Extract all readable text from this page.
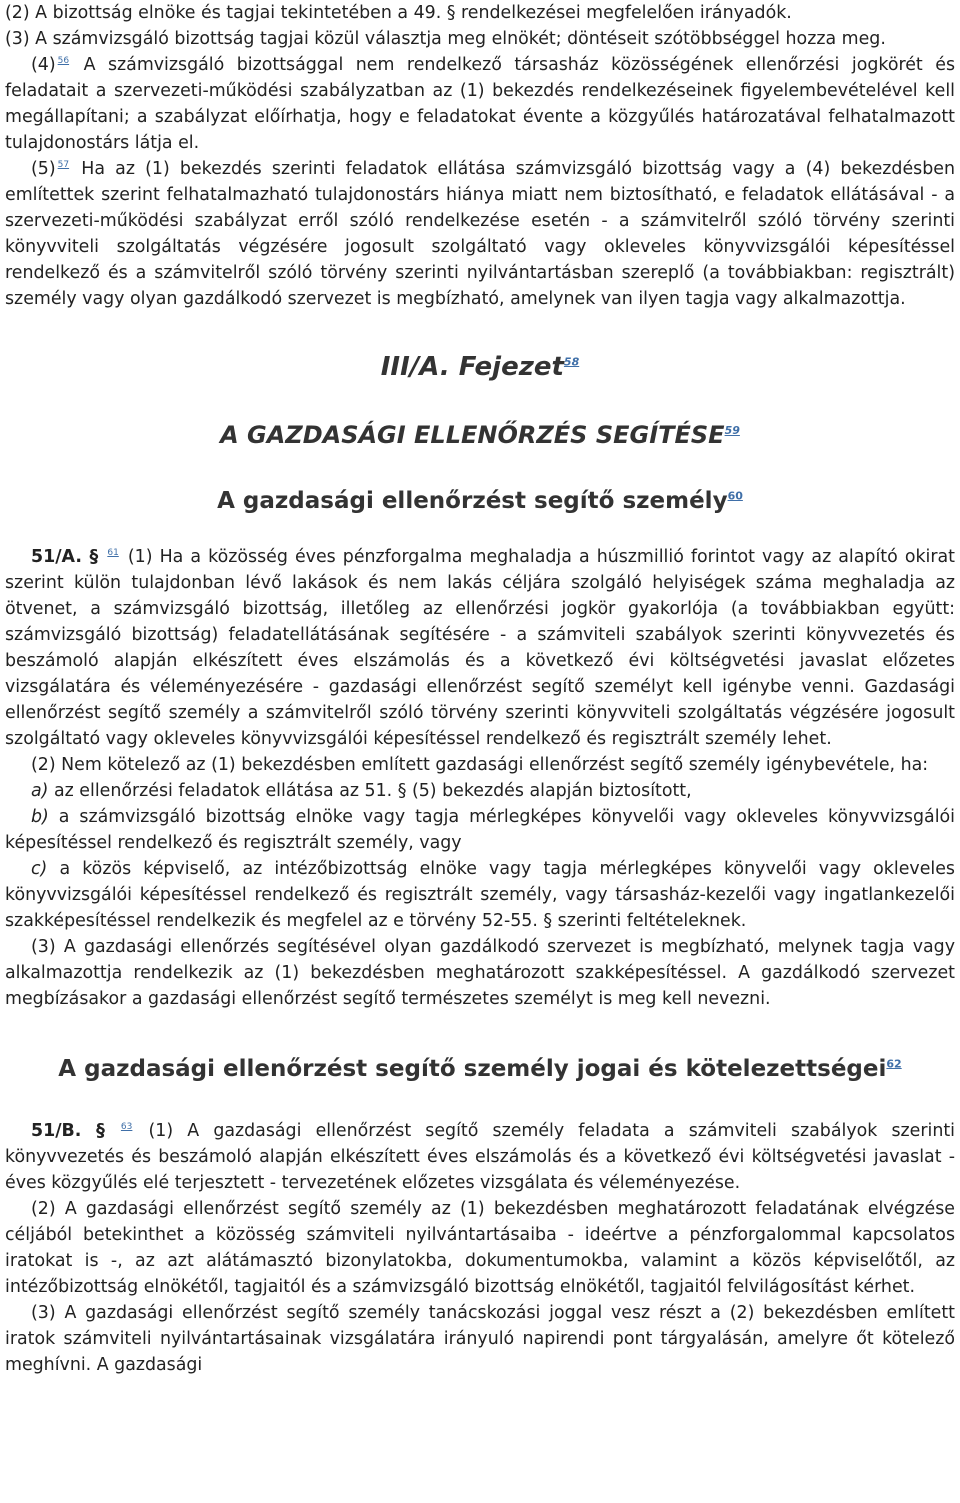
(2) A bizottság elnöke és tagjai tekintetében a 49. § rendelkezései megfelelően irányadók.

(3) A számvizsgáló bizottság tagjai közül választja meg elnökét; döntéseit szótöbbséggel hozza meg.

(4) $^{56}$ A számvizsgáló bizottsággal nem rendelkező társasház közösségének ellenőrzési jogkörét és feladatait a szervezeti-működési szabályzatban az (1) bekezdés rendelkezéseinek figyelembevételével kell megállapítani; a szabályzat előírhatja, hogy e feladatokat évente a közgyűlés határozatával felhatalmazott tulajdonostárs látja el.

(5) $^{57}$ Ha az (1) bekezdés szerinti feladatok ellátása számvizsgáló bizottság vagy a (4) bekezdésben említettek szerint felhatalmazható tulajdonostárs hiánya miatt nem biztosítható, e feladatok ellátásával - a szervezeti-működési szabályzat erről szóló rendelkezése esetén - a számvitelről szóló törvény szerinti könyvviteli szolgáltatás végzésére jogosult szolgáltató vagy okleveles könyvvizsgálói képesítéssel rendelkező és a számvitelről szóló törvény szerinti nyilvántartásban szereplő (a továbbiakban: regisztrált) személy vagy olyan gazdálkodó szervezet is megbízható, amelynek van ilyen tagja vagy alkalmazottja.

III/A. Fejezet$^{58}$
A GAZDASÁGI ELLENŐRZÉS SEGÍTÉSE$^{59}$
A gazdasági ellenőrzést segítő személy$^{60}$

51/A. § $^{61}$ (1) Ha a közösség éves pénzforgalma meghaladja a húszmillió forintot vagy az alapító okirat szerint külön tulajdonban lévő lakások és nem lakás céljára szolgáló helyiségek száma meghaladja az ötvenet, a számvizsgáló bizottság, illetőleg az ellenőrzési jogkör gyakorlója (a továbbiakban együtt: számvizsgáló bizottság) feladatellátásának segítésére - a számviteli szabályok szerinti könyvvezetés és beszámoló alapján elkészített éves elszámolás és a következő évi költségvetési javaslat előzetes vizsgálatára és véleményezésére - gazdasági ellenőrzést segítő személyt kell igénybe venni. Gazdasági ellenőrzést segítő személy a számvitelről szóló törvény szerinti könyvviteli szolgáltatás végzésére jogosult szolgáltató vagy okleveles könyvvizsgálói képesítéssel rendelkező és regisztrált személy lehet.

(2) Nem kötelező az (1) bekezdésben említett gazdasági ellenőrzést segítő személy igénybevétele, ha:

a) az ellenőrzési feladatok ellátása az 51. § (5) bekezdés alapján biztosított,

b) a számvizsgáló bizottság elnöke vagy tagja mérlegképes könyvelői vagy okleveles könyvvizsgálói képesítéssel rendelkező és regisztrált személy, vagy

c) a közös képviselő, az intézőbizottság elnöke vagy tagja mérlegképes könyvelői vagy okleveles könyvvizsgálói képesítéssel rendelkező és regisztrált személy, vagy társasház-kezelői vagy ingatlankezelői szakképesítéssel rendelkezik és megfelel az e törvény 52-55. § szerinti feltételeknek.

(3) A gazdasági ellenőrzés segítésével olyan gazdálkodó szervezet is megbízható, melynek tagja vagy alkalmazottja rendelkezik az (1) bekezdésben meghatározott szakképesítéssel. A gazdálkodó szervezet megbízásakor a gazdasági ellenőrzést segítő természetes személyt is meg kell nevezni.

A gazdasági ellenőrzést segítő személy jogai és kötelezettségei$^{62}$

51/B. § $^{63}$ (1) A gazdasági ellenőrzést segítő személy feladata a számviteli szabályok szerinti könyvvezetés és beszámoló alapján elkészített éves elszámolás és a következő évi költségvetési javaslat - éves közgyűlés elé terjesztett - tervezetének előzetes vizsgálata és véleményezése.

(2) A gazdasági ellenőrzést segítő személy az (1) bekezdésben meghatározott feladatának elvégzése céljából betekinthet a közösség számviteli nyilvántartásaiba - ideértve a pénzforgalommal kapcsolatos iratokat is -, az azt alátámasztó bizonylatokba, dokumentumokba, valamint a közös képviselőtől, az intézőbizottság elnökétől, tagjaitól és a számvizsgáló bizottság elnökétől, tagjaitól felvilágosítást kérhet.

(3) A gazdasági ellenőrzést segítő személy tanácskozási joggal vesz részt a (2) bekezdésben említett iratok számviteli nyilvántartásainak vizsgálatára irányuló napirendi pont tárgyalásán, amelyre őt kötelező meghívni. A gazdasági
